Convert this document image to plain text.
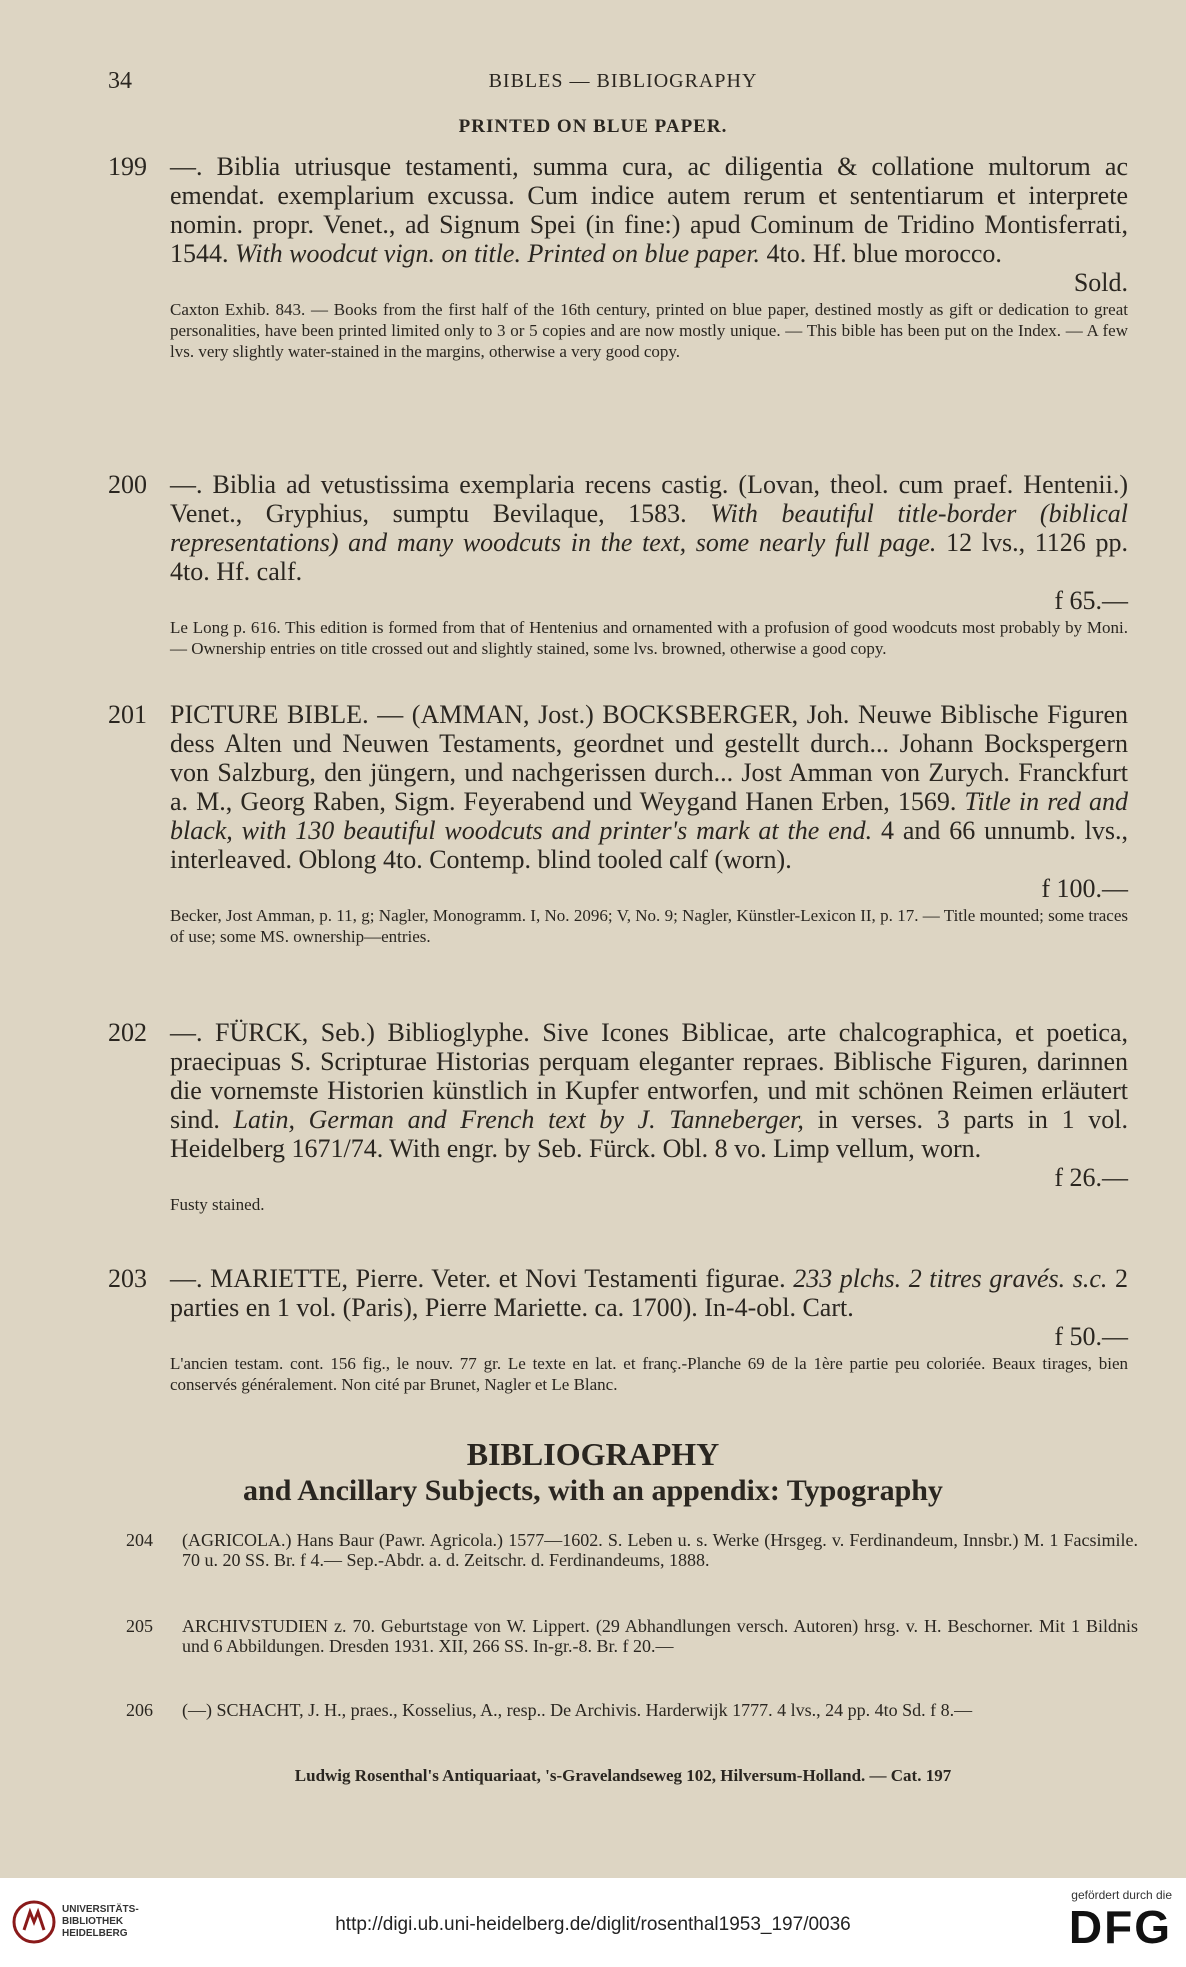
34	BIBLES — BIBLIOGRAPHY
PRINTED ON BLUE PAPER.
199 —. Biblia utriusque testamenti, summa cura, ac diligentia & collatione multorum ac emendat. exemplarium excussa. Cum indice autem rerum et sententiarum et interprete nomin. propr. Venet., ad Signum Spei (in fine:) apud Cominum de Tridino Montisferrati, 1544. With woodcut vign. on title. Printed on blue paper. 4to. Hf. blue morocco.
Sold.
Caxton Exhib. 843. — Books from the first half of the 16th century, printed on blue paper, destined mostly as gift or dedication to great personalities, have been printed limited only to 3 or 5 copies and are now mostly unique. — This bible has been put on the Index. — A few lvs. very slightly water-stained in the margins, otherwise a very good copy.
200 —. Biblia ad vetustissima exemplaria recens castig. (Lovan, theol. cum praef. Hentenii.) Venet., Gryphius, sumptu Bevilaque, 1583. With beautiful title-border (biblical representations) and many woodcuts in the text, some nearly full page. 12 lvs., 1126 pp. 4to. Hf. calf.
f 65.—
Le Long p. 616. This edition is formed from that of Hentenius and ornamented with a profusion of good woodcuts most probably by Moni. — Ownership entries on title crossed out and slightly stained, some lvs. browned, otherwise a good copy.
201 PICTURE BIBLE. — (AMMAN, Jost.) BOCKSBERGER, Joh. Neuwe Biblische Figuren dess Alten und Neuwen Testaments, geordnet und gestellt durch... Johann Bockspergern von Salzburg, den jüngern, und nachgerissen durch... Jost Amman von Zurych. Franckfurt a. M., Georg Raben, Sigm. Feyerabend und Weygand Hanen Erben, 1569. Title in red and black, with 130 beautiful woodcuts and printer's mark at the end. 4 and 66 unnumb. lvs., interleaved. Oblong 4to. Contemp. blind tooled calf (worn).
f 100.—
Becker, Jost Amman, p. 11, g; Nagler, Monogramm. I, No. 2096; V, No. 9; Nagler, Künstler-Lexicon II, p. 17. — Title mounted; some traces of use; some MS. ownership—entries.
202 —. FÜRCK, Seb.) Biblioglyphe. Sive Icones Biblicae, arte chalcographica, et poetica, praecipuas S. Scripturae Historias perquam eleganter repraes. Biblische Figuren, darinnen die vornemste Historien künstlich in Kupfer entworfen, und mit schönen Reimen erläutert sind. Latin, German and French text by J. Tanneberger, in verses. 3 parts in 1 vol. Heidelberg 1671/74. With engr. by Seb. Fürck. Obl. 8 vo. Limp vellum, worn.
f 26.—
Fusty stained.
203 —. MARIETTE, Pierre. Veter. et Novi Testamenti figurae. 233 plchs. 2 titres gravés. s.c. 2 parties en 1 vol. (Paris), Pierre Mariette. ca. 1700). In-4-obl. Cart.
f 50.—
L'ancien testam. cont. 156 fig., le nouv. 77 gr. Le texte en lat. et franç.-Planche 69 de la 1ère partie peu coloriée. Beaux tirages, bien conservés généralement. Non cité par Brunet, Nagler et Le Blanc.
BIBLIOGRAPHY
and Ancillary Subjects, with an appendix: Typography
204 (AGRICOLA.) Hans Baur (Pawr. Agricola.) 1577—1602. S. Leben u. s. Werke (Hrsgeg. v. Ferdinandeum, Innsbr.) M. 1 Facsimile. 70 u. 20 SS. Br. f 4.— Sep.-Abdr. a. d. Zeitschr. d. Ferdinandeums, 1888.
205 ARCHIVSTUDIEN z. 70. Geburtstage von W. Lippert. (29 Abhandlungen versch. Autoren) hrsg. v. H. Beschorner. Mit 1 Bildnis und 6 Abbildungen. Dresden 1931. XII, 266 SS. In-gr.-8. Br. f 20.—
206 (—) SCHACHT, J. H., praes., Kosselius, A., resp.. De Archivis. Harderwijk 1777. 4 lvs., 24 pp. 4to Sd. f 8.—
Ludwig Rosenthal's Antiquariaat, 's-Gravelandseweg 102, Hilversum-Holland. — Cat. 197
UNIVERSITÄTS-
BIBLIOTHEK
HEIDELBERG	http://digi.ub.uni-heidelberg.de/diglit/rosenthal1953_197/0036
gefördert durch die
DFG
